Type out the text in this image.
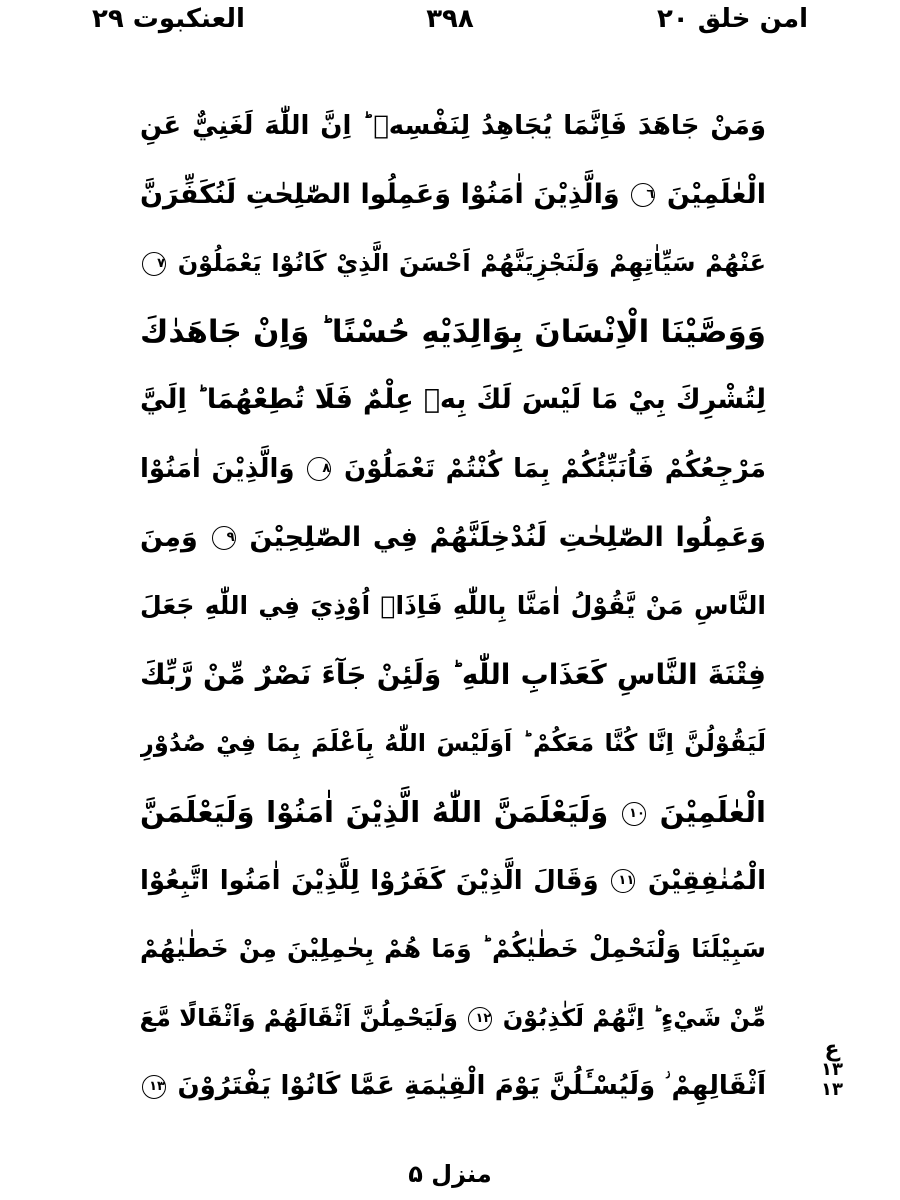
امن خلق ۲۰
۳۹۸
العنکبوت ۲۹
وَمَنْ جَاهَدَ فَاِنَّمَا يُجَاهِدُ لِنَفْسِهٖ ؕ اِنَّ اللّٰهَ لَغَنِيٌّ عَنِ
الْعٰلَمِيْنَ ٦ وَالَّذِيْنَ اٰمَنُوْا وَعَمِلُوا الصّٰلِحٰتِ لَنُكَفِّرَنَّ
عَنْهُمْ سَيِّاٰتِهِمْ وَلَنَجْزِيَنَّهُمْ اَحْسَنَ الَّذِيْ كَانُوْا يَعْمَلُوْنَ ٧
وَوَصَّيْنَا الْاِنْسَانَ بِوَالِدَيْهِ حُسْنًا ؕ وَاِنْ جَاهَدٰكَ
لِتُشْرِكَ بِيْ مَا لَيْسَ لَكَ بِهٖ عِلْمٌ فَلَا تُطِعْهُمَا ؕ اِلَيَّ
مَرْجِعُكُمْ فَاُنَبِّئُكُمْ بِمَا كُنْتُمْ تَعْمَلُوْنَ ٨ وَالَّذِيْنَ اٰمَنُوْا
وَعَمِلُوا الصّٰلِحٰتِ لَنُدْخِلَنَّهُمْ فِي الصّٰلِحِيْنَ ٩ وَمِنَ
النَّاسِ مَنْ يَّقُوْلُ اٰمَنَّا بِاللّٰهِ فَاِذَاۤ اُوْذِيَ فِي اللّٰهِ جَعَلَ
فِتْنَةَ النَّاسِ كَعَذَابِ اللّٰهِ ؕ وَلَئِنْ جَآءَ نَصْرٌ مِّنْ رَّبِّكَ
لَيَقُوْلُنَّ اِنَّا كُنَّا مَعَكُمْ ؕ اَوَلَيْسَ اللّٰهُ بِاَعْلَمَ بِمَا فِيْ صُدُوْرِ
الْعٰلَمِيْنَ ١٠ وَلَيَعْلَمَنَّ اللّٰهُ الَّذِيْنَ اٰمَنُوْا وَلَيَعْلَمَنَّ
الْمُنٰفِقِيْنَ ١١ وَقَالَ الَّذِيْنَ كَفَرُوْا لِلَّذِيْنَ اٰمَنُوا اتَّبِعُوْا
سَبِيْلَنَا وَلْنَحْمِلْ خَطٰيٰكُمْ ؕ وَمَا هُمْ بِحٰمِلِيْنَ مِنْ خَطٰيٰهُمْ
مِّنْ شَيْءٍ ؕ اِنَّهُمْ لَكٰذِبُوْنَ ١٢ وَلَيَحْمِلُنَّ اَثْقَالَهُمْ وَاَثْقَالًا مَّعَ
اَثْقَالِهِمْ ؗ وَلَيُسْـَٔلُنَّ يَوْمَ الْقِيٰمَةِ عَمَّا كَانُوْا يَفْتَرُوْنَ ١٣
ع
١٣
١٣
منزل ۵
